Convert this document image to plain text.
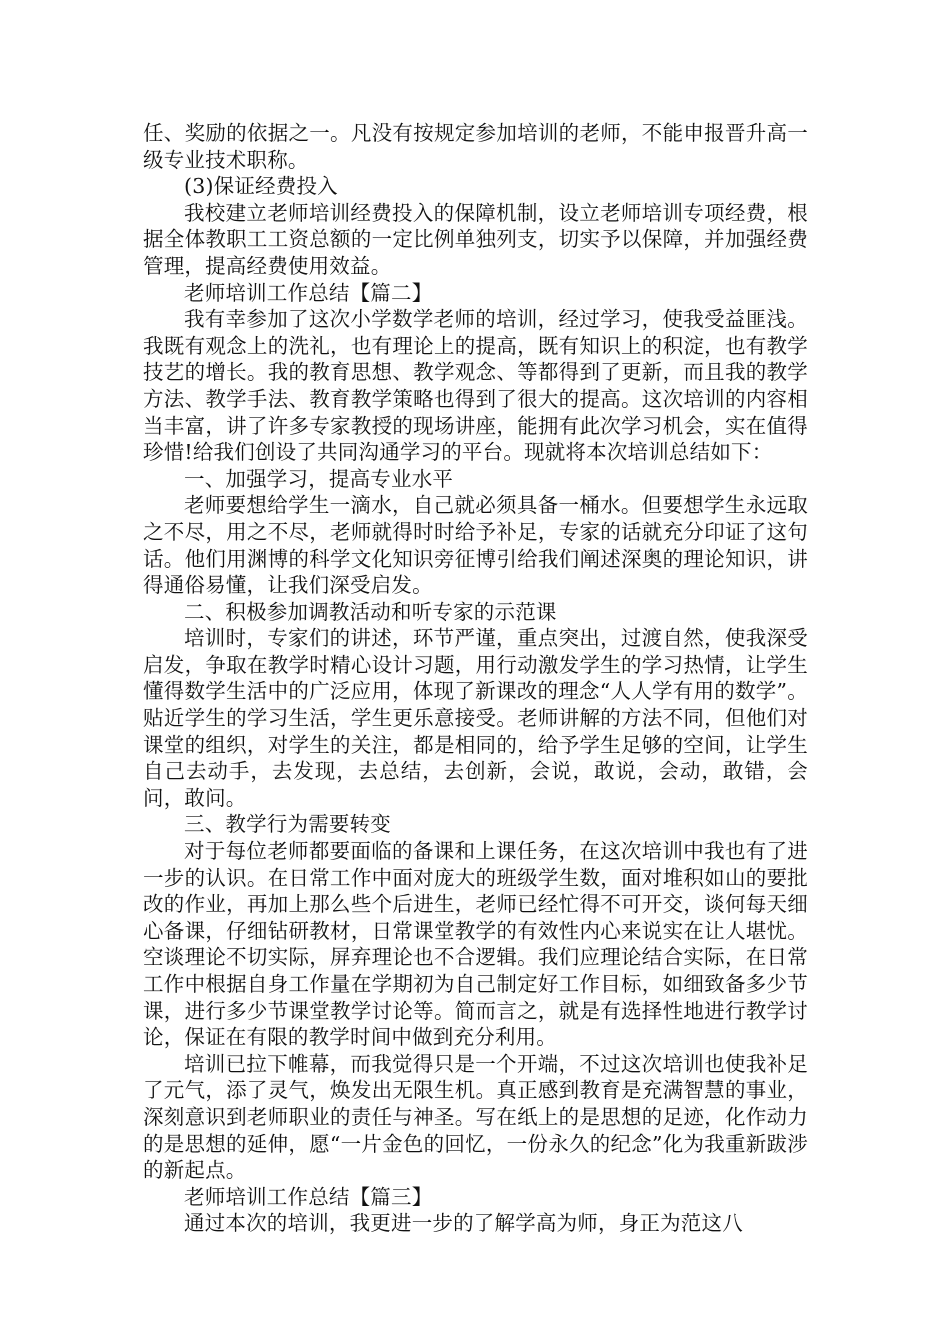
任、奖励的依据之一。凡没有按规定参加培训的老师，不能申报晋升高一级专业技术职称。

(3)保证经费投入

我校建立老师培训经费投入的保障机制，设立老师培训专项经费，根据全体教职工工资总额的一定比例单独列支，切实予以保障，并加强经费管理，提高经费使用效益。

老师培训工作总结【篇二】

我有幸参加了这次小学数学老师的培训，经过学习，使我受益匪浅。我既有观念上的洗礼，也有理论上的提高，既有知识上的积淀，也有教学技艺的增长。我的教育思想、教学观念、等都得到了更新，而且我的教学方法、教学手法、教育教学策略也得到了很大的提高。这次培训的内容相当丰富，讲了许多专家教授的现场讲座，能拥有此次学习机会，实在值得珍惜!给我们创设了共同沟通学习的平台。现就将本次培训总结如下：

一、加强学习，提高专业水平

老师要想给学生一滴水，自己就必须具备一桶水。但要想学生永远取之不尽，用之不尽，老师就得时时给予补足，专家的话就充分印证了这句话。他们用渊博的科学文化知识旁征博引给我们阐述深奥的理论知识，讲得通俗易懂，让我们深受启发。

二、积极参加调教活动和听专家的示范课

培训时，专家们的讲述，环节严谨，重点突出，过渡自然，使我深受启发，争取在教学时精心设计习题，用行动激发学生的学习热情，让学生懂得数学生活中的广泛应用，体现了新课改的理念“人人学有用的数学”。贴近学生的学习生活，学生更乐意接受。老师讲解的方法不同，但他们对课堂的组织，对学生的关注，都是相同的，给予学生足够的空间，让学生自己去动手，去发现，去总结，去创新，会说，敢说，会动，敢错，会问，敢问。

三、教学行为需要转变

对于每位老师都要面临的备课和上课任务，在这次培训中我也有了进一步的认识。在日常工作中面对庞大的班级学生数，面对堆积如山的要批改的作业，再加上那么些个后进生，老师已经忙得不可开交，谈何每天细心备课，仔细钻研教材，日常课堂教学的有效性内心来说实在让人堪忧。空谈理论不切实际，屏弃理论也不合逻辑。我们应理论结合实际，在日常工作中根据自身工作量在学期初为自己制定好工作目标，如细致备多少节课，进行多少节课堂教学讨论等。简而言之，就是有选择性地进行教学讨论，保证在有限的教学时间中做到充分利用。

培训已拉下帷幕，而我觉得只是一个开端，不过这次培训也使我补足了元气，添了灵气，焕发出无限生机。真正感到教育是充满智慧的事业，深刻意识到老师职业的责任与神圣。写在纸上的是思想的足迹，化作动力的是思想的延伸，愿“一片金色的回忆，一份永久的纪念”化为我重新跋涉的新起点。

老师培训工作总结【篇三】

通过本次的培训，我更进一步的了解学高为师，身正为范这八
